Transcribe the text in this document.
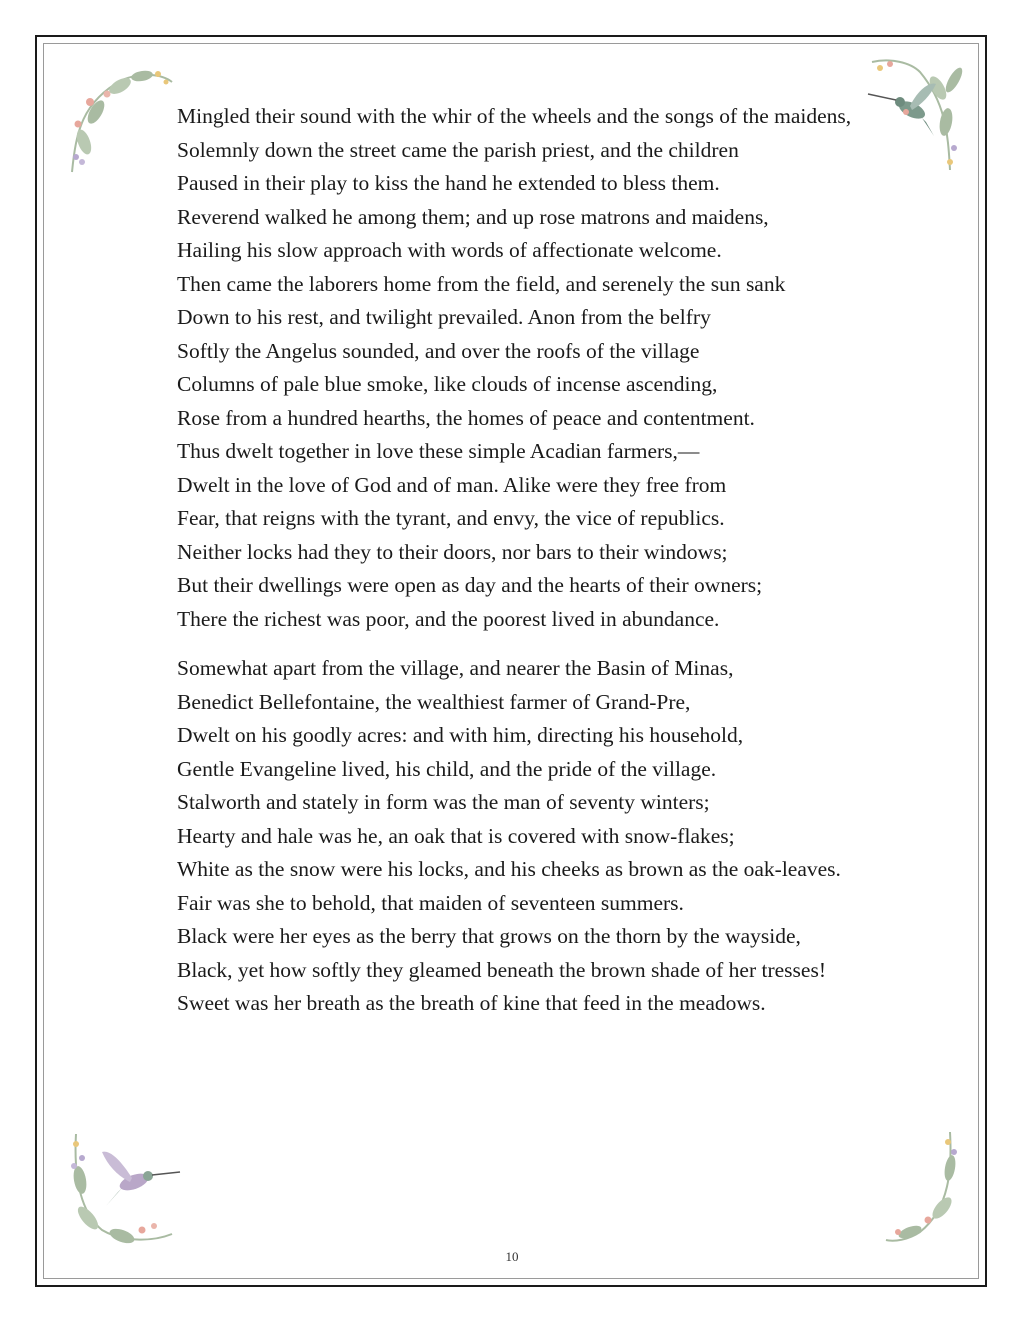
Mingled their sound with the whir of the wheels and the songs of the maidens,

Solemnly down the street came the parish priest, and the children

Paused in their play to kiss the hand he extended to bless them.

Reverend walked he among them; and up rose matrons and maidens,

Hailing his slow approach with words of affectionate welcome.

Then came the laborers home from the field, and serenely the sun sank

Down to his rest, and twilight prevailed. Anon from the belfry

Softly the Angelus sounded, and over the roofs of the village

Columns of pale blue smoke, like clouds of incense ascending,

Rose from a hundred hearths, the homes of peace and contentment.

Thus dwelt together in love these simple Acadian farmers,—

Dwelt in the love of God and of man. Alike were they free from

Fear, that reigns with the tyrant, and envy, the vice of republics.

Neither locks had they to their doors, nor bars to their windows;

But their dwellings were open as day and the hearts of their owners;

There the richest was poor, and the poorest lived in abundance.

Somewhat apart from the village, and nearer the Basin of Minas,

Benedict Bellefontaine, the wealthiest farmer of Grand-Pre,

Dwelt on his goodly acres: and with him, directing his household,

Gentle Evangeline lived, his child, and the pride of the village.

Stalworth and stately in form was the man of seventy winters;

Hearty and hale was he, an oak that is covered with snow-flakes;

White as the snow were his locks, and his cheeks as brown as the oak-leaves.

Fair was she to behold, that maiden of seventeen summers.

Black were her eyes as the berry that grows on the thorn by the wayside,

Black, yet how softly they gleamed beneath the brown shade of her tresses!

Sweet was her breath as the breath of kine that feed in the meadows.

10
